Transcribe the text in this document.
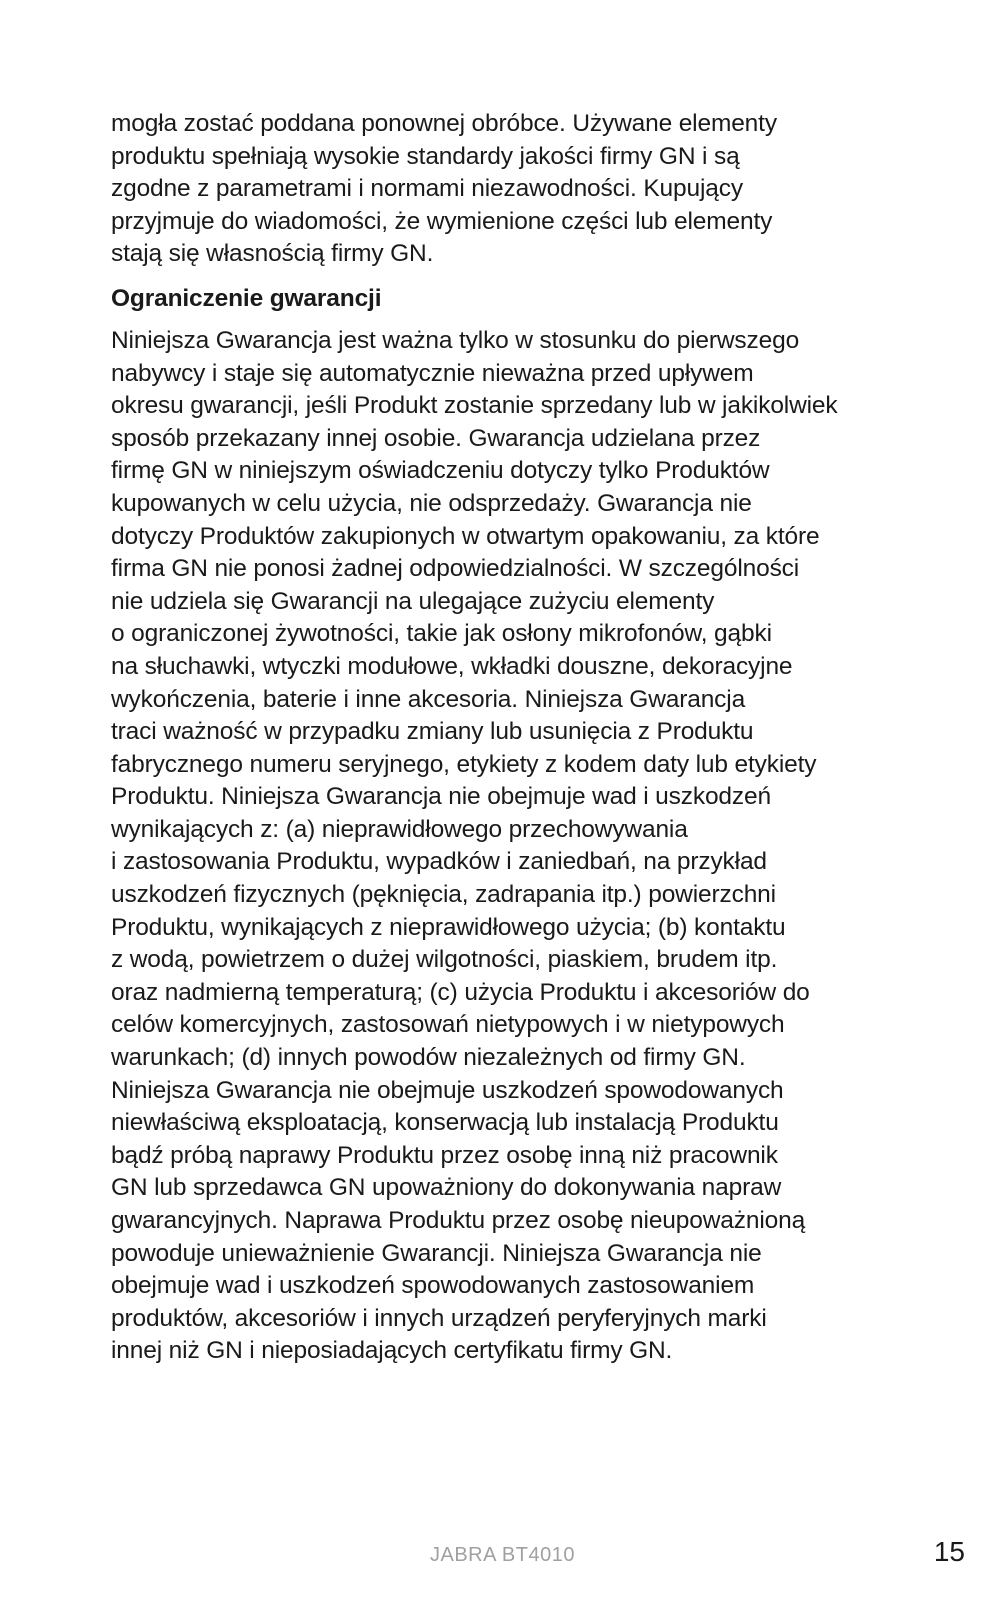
mogła zostać poddana ponownej obróbce. Używane elementy
produktu spełniają wysokie standardy jakości firmy GN i są
zgodne z parametrami i normami niezawodności. Kupujący
przyjmuje do wiadomości, że wymienione części lub elementy
stają się własnością firmy GN.
Ograniczenie gwarancji
Niniejsza Gwarancja jest ważna tylko w stosunku do pierwszego
nabywcy i staje się automatycznie nieważna przed upływem
okresu gwarancji, jeśli Produkt zostanie sprzedany lub w jakikolwiek
sposób przekazany innej osobie. Gwarancja udzielana przez
firmę GN w niniejszym oświadczeniu dotyczy tylko Produktów
kupowanych w celu użycia, nie odsprzedaży. Gwarancja nie
dotyczy Produktów zakupionych w otwartym opakowaniu, za które
firma GN nie ponosi żadnej odpowiedzialności. W szczególności
nie udziela się Gwarancji na ulegające zużyciu elementy
o ograniczonej żywotności, takie jak osłony mikrofonów, gąbki
na słuchawki, wtyczki modułowe, wkładki douszne, dekoracyjne
wykończenia, baterie i inne akcesoria. Niniejsza Gwarancja
traci ważność w przypadku zmiany lub usunięcia z Produktu
fabrycznego numeru seryjnego, etykiety z kodem daty lub etykiety
Produktu. Niniejsza Gwarancja nie obejmuje wad i uszkodzeń
wynikających z: (a) nieprawidłowego przechowywania
i zastosowania Produktu, wypadków i zaniedbań, na przykład
uszkodzeń fizycznych (pęknięcia, zadrapania itp.) powierzchni
Produktu, wynikających z nieprawidłowego użycia; (b) kontaktu
z wodą, powietrzem o dużej wilgotności, piaskiem, brudem itp.
oraz nadmierną temperaturą; (c) użycia Produktu i akcesoriów do
celów komercyjnych, zastosowań nietypowych i w nietypowych
warunkach; (d) innych powodów niezależnych od firmy GN.
Niniejsza Gwarancja nie obejmuje uszkodzeń spowodowanych
niewłaściwą eksploatacją, konserwacją lub instalacją Produktu
bądź próbą naprawy Produktu przez osobę inną niż pracownik
GN lub sprzedawca GN upoważniony do dokonywania napraw
gwarancyjnych. Naprawa Produktu przez osobę nieupoważnioną
powoduje unieważnienie Gwarancji. Niniejsza Gwarancja nie
obejmuje wad i uszkodzeń spowodowanych zastosowaniem
produktów, akcesoriów i innych urządzeń peryferyjnych marki
innej niż GN i nieposiadających certyfikatu firmy GN.
JABRA BT4010	15
